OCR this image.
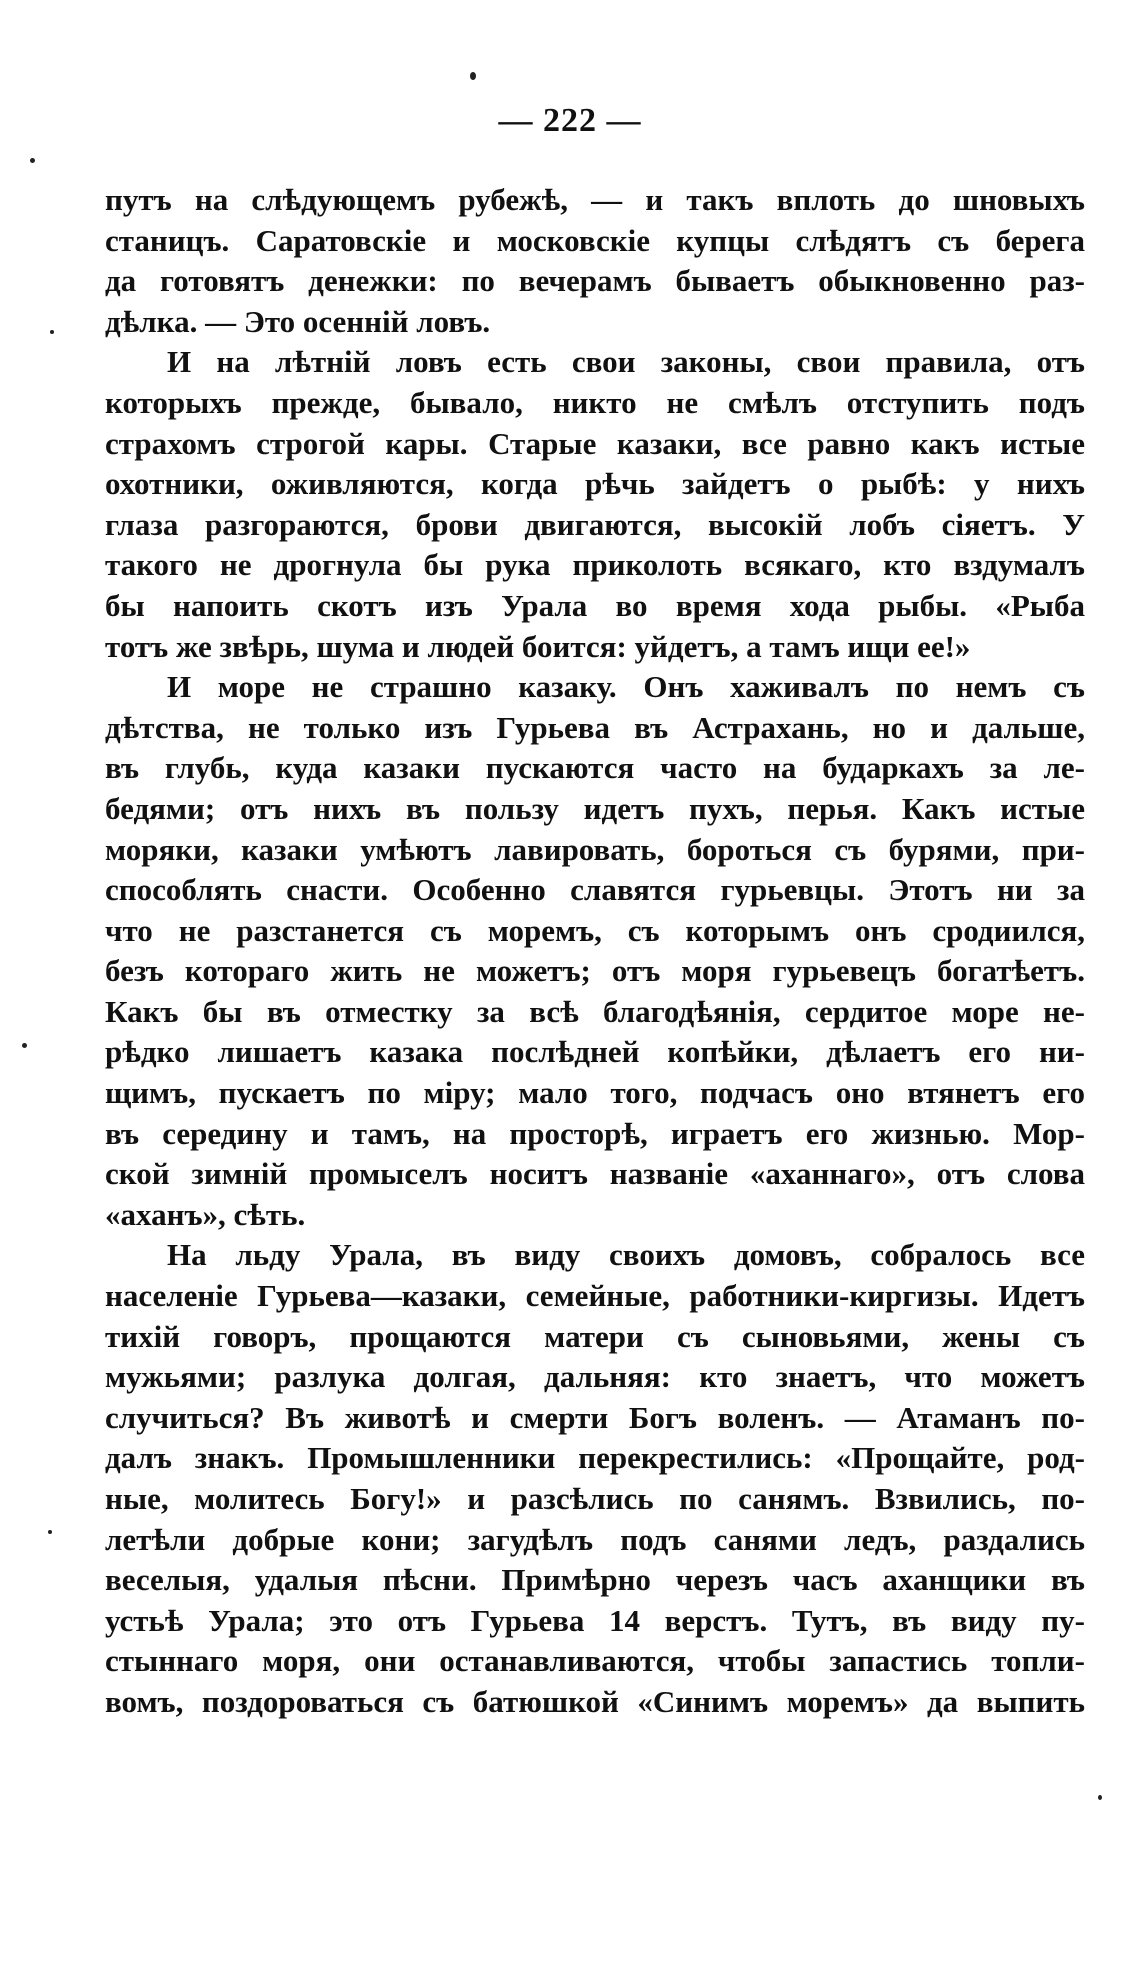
— 222 —
путъ на слѣдующемъ рубежѣ, — и такъ вплоть до шновыхъ
станицъ. Саратовскіе и московскіе купцы слѣдятъ съ берега
да готовятъ денежки: по вечерамъ бываетъ обыкновенно раз-
дѣлка. — Это осенній ловъ.
И на лѣтній ловъ есть свои законы, свои правила, отъ
которыхъ прежде, бывало, никто не смѣлъ отступить подъ
страхомъ строгой кары. Старые казаки, все равно какъ истые
охотники, оживляются, когда рѣчь зайдетъ о рыбѣ: у нихъ
глаза разгораются, брови двигаются, высокій лобъ сіяетъ. У
такого не дрогнула бы рука приколоть всякаго, кто вздумалъ
бы напоить скотъ изъ Урала во время хода рыбы. «Рыба
тотъ же звѣрь, шума и людей боится: уйдетъ, а тамъ ищи ее!»
И море не страшно казаку. Онъ хаживалъ по немъ съ
дѣтства, не только изъ Гурьева въ Астрахань, но и дальше,
въ глубь, куда казаки пускаются часто на бударкахъ за ле-
бедями; отъ нихъ въ пользу идетъ пухъ, перья. Какъ истые
моряки, казаки умѣютъ лавировать, бороться съ бурями, при-
способлять снасти. Особенно славятся гурьевцы. Этотъ ни за
что не разстанется съ моремъ, съ которымъ онъ сродиился,
безъ котораго жить не можетъ; отъ моря гурьевецъ богатѣетъ.
Какъ бы въ отместку за всѣ благодѣянія, сердитое море не-
рѣдко лишаетъ казака послѣдней копѣйки, дѣлаетъ его ни-
щимъ, пускаетъ по міру; мало того, подчасъ оно втянетъ его
въ середину и тамъ, на просторѣ, играетъ его жизнью. Мор-
ской зимній промыселъ носитъ названіе «аханнаго», отъ слова
«аханъ», сѣть.
На льду Урала, въ виду своихъ домовъ, собралось все
населеніе Гурьева—казаки, семейные, работники-киргизы. Идетъ
тихій говоръ, прощаются матери съ сыновьями, жены съ
мужьями; разлука долгая, дальняя: кто знаетъ, что можетъ
случиться? Въ животѣ и смерти Богъ воленъ. — Атаманъ по-
далъ знакъ. Промышленники перекрестились: «Прощайте, род-
ные, молитесь Богу!» и разсѣлись по санямъ. Взвились, по-
летѣли добрые кони; загудѣлъ подъ санями ледъ, раздались
веселыя, удалыя пѣсни. Примѣрно черезъ часъ аханщики въ
устьѣ Урала; это отъ Гурьева 14 верстъ. Тутъ, въ виду пу-
стыннаго моря, они останавливаются, чтобы запастись топли-
вомъ, поздороваться съ батюшкой «Синимъ моремъ» да выпить
